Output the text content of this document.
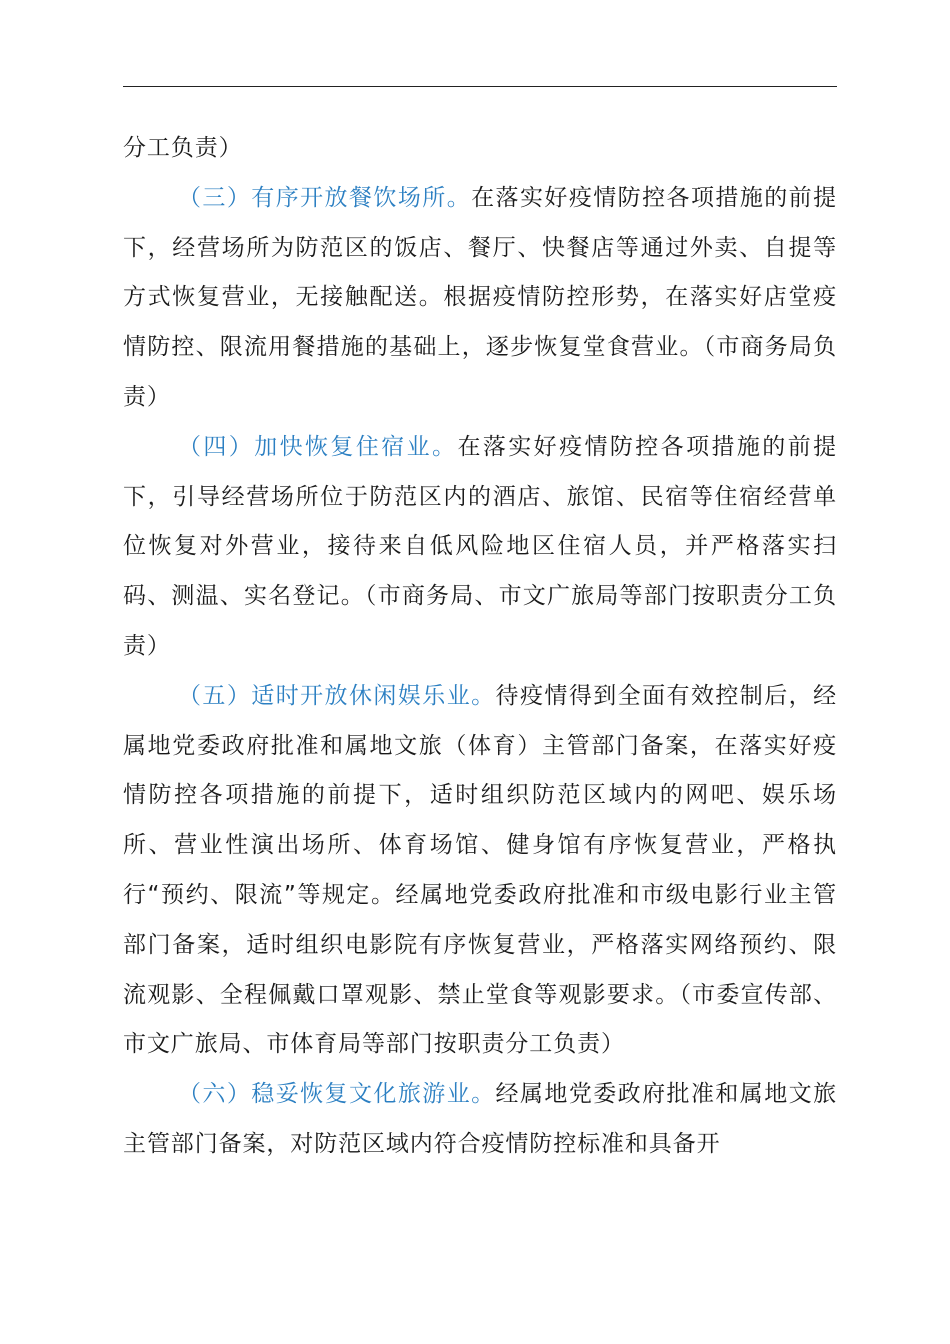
分工负责）

（三）有序开放餐饮场所。在落实好疫情防控各项措施的前提下，经营场所为防范区的饭店、餐厅、快餐店等通过外卖、自提等方式恢复营业，无接触配送。根据疫情防控形势，在落实好店堂疫情防控、限流用餐措施的基础上，逐步恢复堂食营业。（市商务局负责）

（四）加快恢复住宿业。在落实好疫情防控各项措施的前提下，引导经营场所位于防范区内的酒店、旅馆、民宿等住宿经营单位恢复对外营业，接待来自低风险地区住宿人员，并严格落实扫码、测温、实名登记。（市商务局、市文广旅局等部门按职责分工负责）

（五）适时开放休闲娱乐业。待疫情得到全面有效控制后，经属地党委政府批准和属地文旅（体育）主管部门备案，在落实好疫情防控各项措施的前提下，适时组织防范区域内的网吧、娱乐场所、营业性演出场所、体育场馆、健身馆有序恢复营业，严格执行“预约、限流”等规定。经属地党委政府批准和市级电影行业主管部门备案，适时组织电影院有序恢复营业，严格落实网络预约、限流观影、全程佩戴口罩观影、禁止堂食等观影要求。（市委宣传部、市文广旅局、市体育局等部门按职责分工负责）

（六）稳妥恢复文化旅游业。经属地党委政府批准和属地文旅主管部门备案，对防范区域内符合疫情防控标准和具备开
